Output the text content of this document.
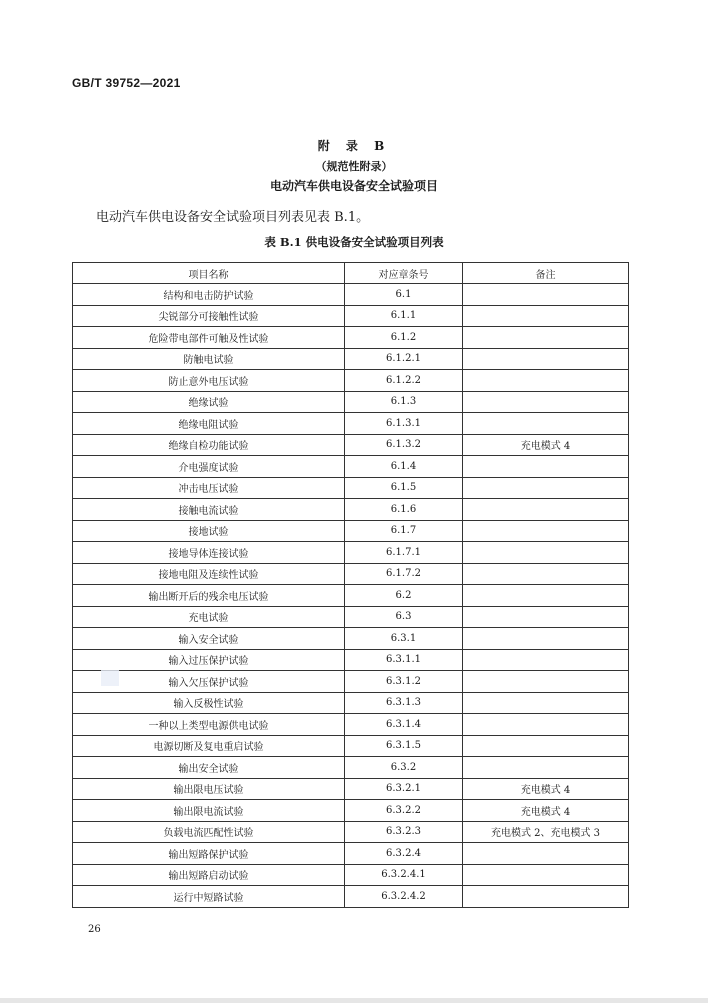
GB/T 39752—2021
附 录 B
（规范性附录）
电动汽车供电设备安全试验项目
电动汽车供电设备安全试验项目列表见表 B.1。
表 B.1 供电设备安全试验项目列表
项目名称	对应章条号	备注
结构和电击防护试验	6.1	
尖锐部分可接触性试验	6.1.1	
危险带电部件可触及性试验	6.1.2	
防触电试验	6.1.2.1	
防止意外电压试验	6.1.2.2	
绝缘试验	6.1.3	
绝缘电阻试验	6.1.3.1	
绝缘自检功能试验	6.1.3.2	充电模式 4
介电强度试验	6.1.4	
冲击电压试验	6.1.5	
接触电流试验	6.1.6	
接地试验	6.1.7	
接地导体连接试验	6.1.7.1	
接地电阻及连续性试验	6.1.7.2	
输出断开后的残余电压试验	6.2	
充电试验	6.3	
输入安全试验	6.3.1	
输入过压保护试验	6.3.1.1	
输入欠压保护试验	6.3.1.2	
输入反极性试验	6.3.1.3	
一种以上类型电源供电试验	6.3.1.4	
电源切断及复电重启试验	6.3.1.5	
输出安全试验	6.3.2	
输出限电压试验	6.3.2.1	充电模式 4
输出限电流试验	6.3.2.2	充电模式 4
负载电流匹配性试验	6.3.2.3	充电模式 2、充电模式 3
输出短路保护试验	6.3.2.4	
输出短路启动试验	6.3.2.4.1	
运行中短路试验	6.3.2.4.2	
26
